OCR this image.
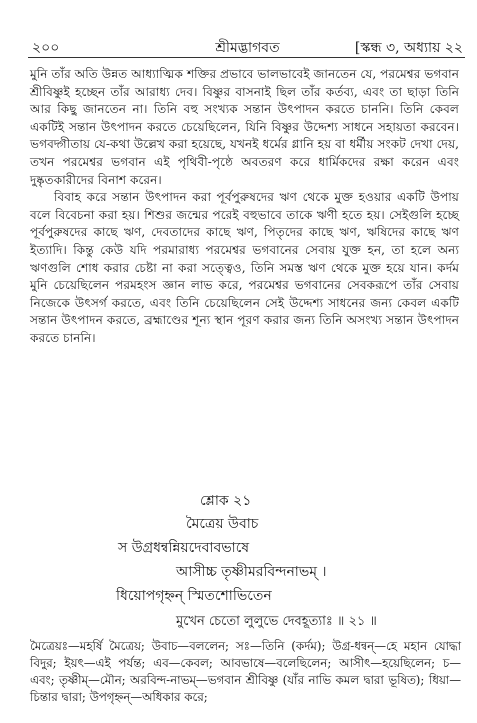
২০০	শ্রীমদ্ভাগবত	[স্কন্ধ ৩, অধ্যায় ২২

মুনি তাঁর অতি উন্নত আধ্যাত্মিক শক্তির প্রভাবে ভালভাবেই জানতেন যে, পরমেশ্বর ভগবান শ্রীবিষ্ণুই হচ্ছেন তাঁর আরাধ্য দেব। বিষ্ণুর বাসনাই ছিল তাঁর কর্তব্য, এবং তা ছাড়া তিনি আর কিছু জানতেন না। তিনি বহু সংখ্যক সন্তান উৎপাদন করতে চাননি। তিনি কেবল একটিই সন্তান উৎপাদন করতে চেয়েছিলেন, যিনি বিষ্ণুর উদ্দেশ্য সাধনে সহায়তা করবেন। ভগবদ্গীতায় যে-কথা উল্লেখ করা হয়েছে, যখনই ধর্মের গ্লানি হয় বা ধর্মীয় সংকট দেখা দেয়, তখন পরমেশ্বর ভগবান এই পৃথিবী-পৃষ্ঠে অবতরণ করে ধার্মিকদের রক্ষা করেন এবং দুষ্কৃতকারীদের বিনাশ করেন।

বিবাহ করে সন্তান উৎপাদন করা পূর্বপুরুষদের ঋণ থেকে মুক্ত হওয়ার একটি উপায় বলে বিবেচনা করা হয়। শিশুর জন্মের পরেই বহুভাবে তাকে ঋণী হতে হয়। সেইগুলি হচ্ছে পূর্বপুরুষদের কাছে ঋণ, দেবতাদের কাছে ঋণ, পিতৃদের কাছে ঋণ, ঋষিদের কাছে ঋণ ইত্যাদি। কিন্তু কেউ যদি পরমারাধ্য পরমেশ্বর ভগবানের সেবায় যুক্ত হন, তা হলে অন্য ঋণগুলি শোধ করার চেষ্টা না করা সত্ত্বেও, তিনি সমস্ত ঋণ থেকে মুক্ত হয়ে যান। কর্দম মুনি চেয়েছিলেন পরমহংস জ্ঞান লাভ করে, পরমেশ্বর ভগবানের সেবকরূপে তাঁর সেবায় নিজেকে উৎসর্গ করতে, এবং তিনি চেয়েছিলেন সেই উদ্দেশ্য সাধনের জন্য কেবল একটি সন্তান উৎপাদন করতে, ব্রহ্মাণ্ডের শূন্য স্থান পূরণ করার জন্য তিনি অসংখ্য সন্তান উৎপাদন করতে চাননি।

শ্লোক ২১
মৈত্রেয় উবাচ
স উগ্রধন্বন্নিয়দেবাবভাষে
আসীচ্চ তৃষ্ণীমরবিন্দনাভম্ ।
ধিয়োপগৃহ্নন্ স্মিতশোভিতেন
মুখেন চেতো লুলুভে দেবহূত্যাঃ ॥ ২১ ॥
মৈত্রেয়ঃ—মহর্ষি মৈত্রেয়; উবাচ—বললেন; সঃ—তিনি (কর্দম); উগ্র-ধন্বন্—হে মহান যোদ্ধা বিদুর; ইয়ৎ—এই পর্যন্ত; এব—কেবল; আবভাষে—বলেছিলেন; আসীৎ—হয়েছিলেন; চ—এবং; তৃষ্ণীম্—মৌন; অরবিন্দ-নাভম্—ভগবান শ্রীবিষ্ণু (যাঁর নাভি কমল দ্বারা ভূষিত); ধিয়া—চিন্তার দ্বারা; উপগৃহ্নন্—অধিকার করে;
